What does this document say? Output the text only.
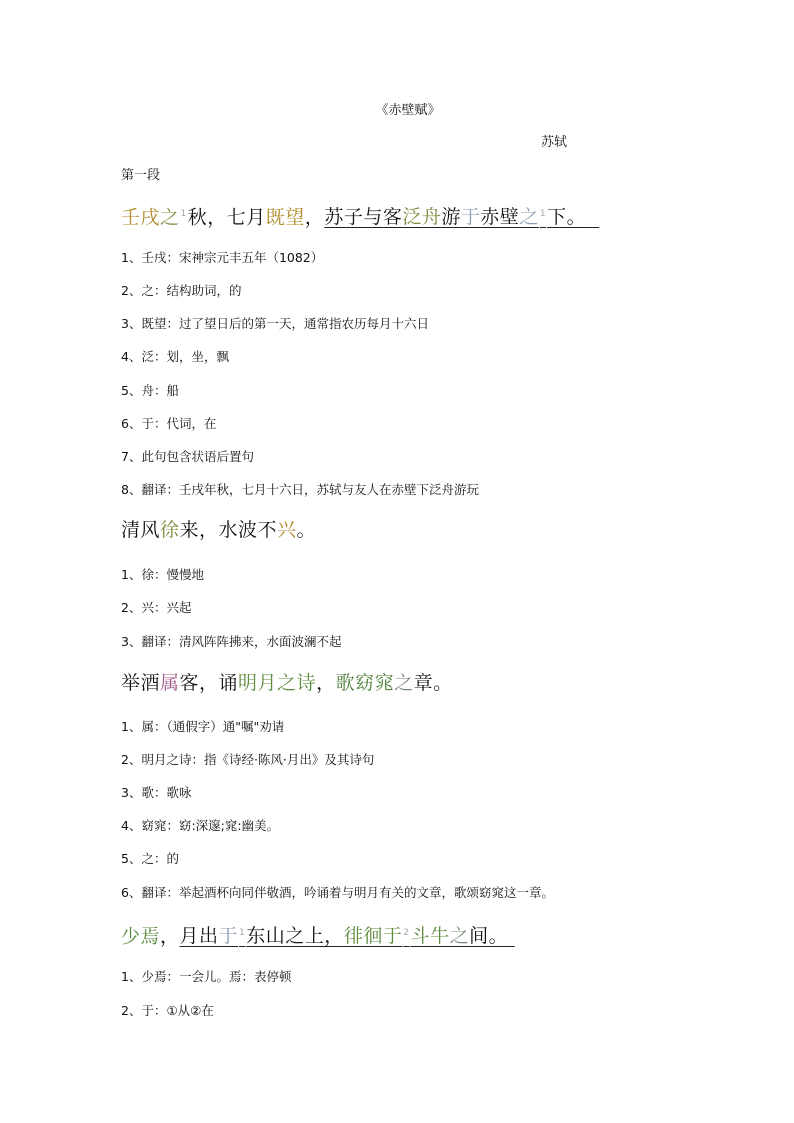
《赤壁赋》
苏轼
第一段
壬戌之$^1$秋，七月既望，苏子与客泛舟游于赤壁之$^1$下。
1、壬戌：宋神宗元丰五年（1082）
2、之：结构助词，的
3、既望：过了望日后的第一天，通常指农历每月十六日
4、泛：划，坐，飘
5、舟：船
6、于：代词，在
7、此句包含状语后置句
8、翻译：壬戌年秋，七月十六日，苏轼与友人在赤壁下泛舟游玩
清风徐来，水波不兴。
1、徐：慢慢地
2、兴：兴起
3、翻译：清风阵阵拂来，水面波澜不起
举酒属客，诵明月之诗，歌窈窕之章。
1、属：（通假字）通"嘱"劝请
2、明月之诗：指《诗经·陈风·月出》及其诗句
3、歌：歌咏
4、窈窕：窈:深邃;窕:幽美。
5、之：的
6、翻译：举起酒杯向同伴敬酒，吟诵着与明月有关的文章，歌颂窈窕这一章。
少焉，月出于$^1$东山之上，徘徊于$^2$斗牛之间。
1、少焉：一会儿。焉：表停顿
2、于：①从②在
